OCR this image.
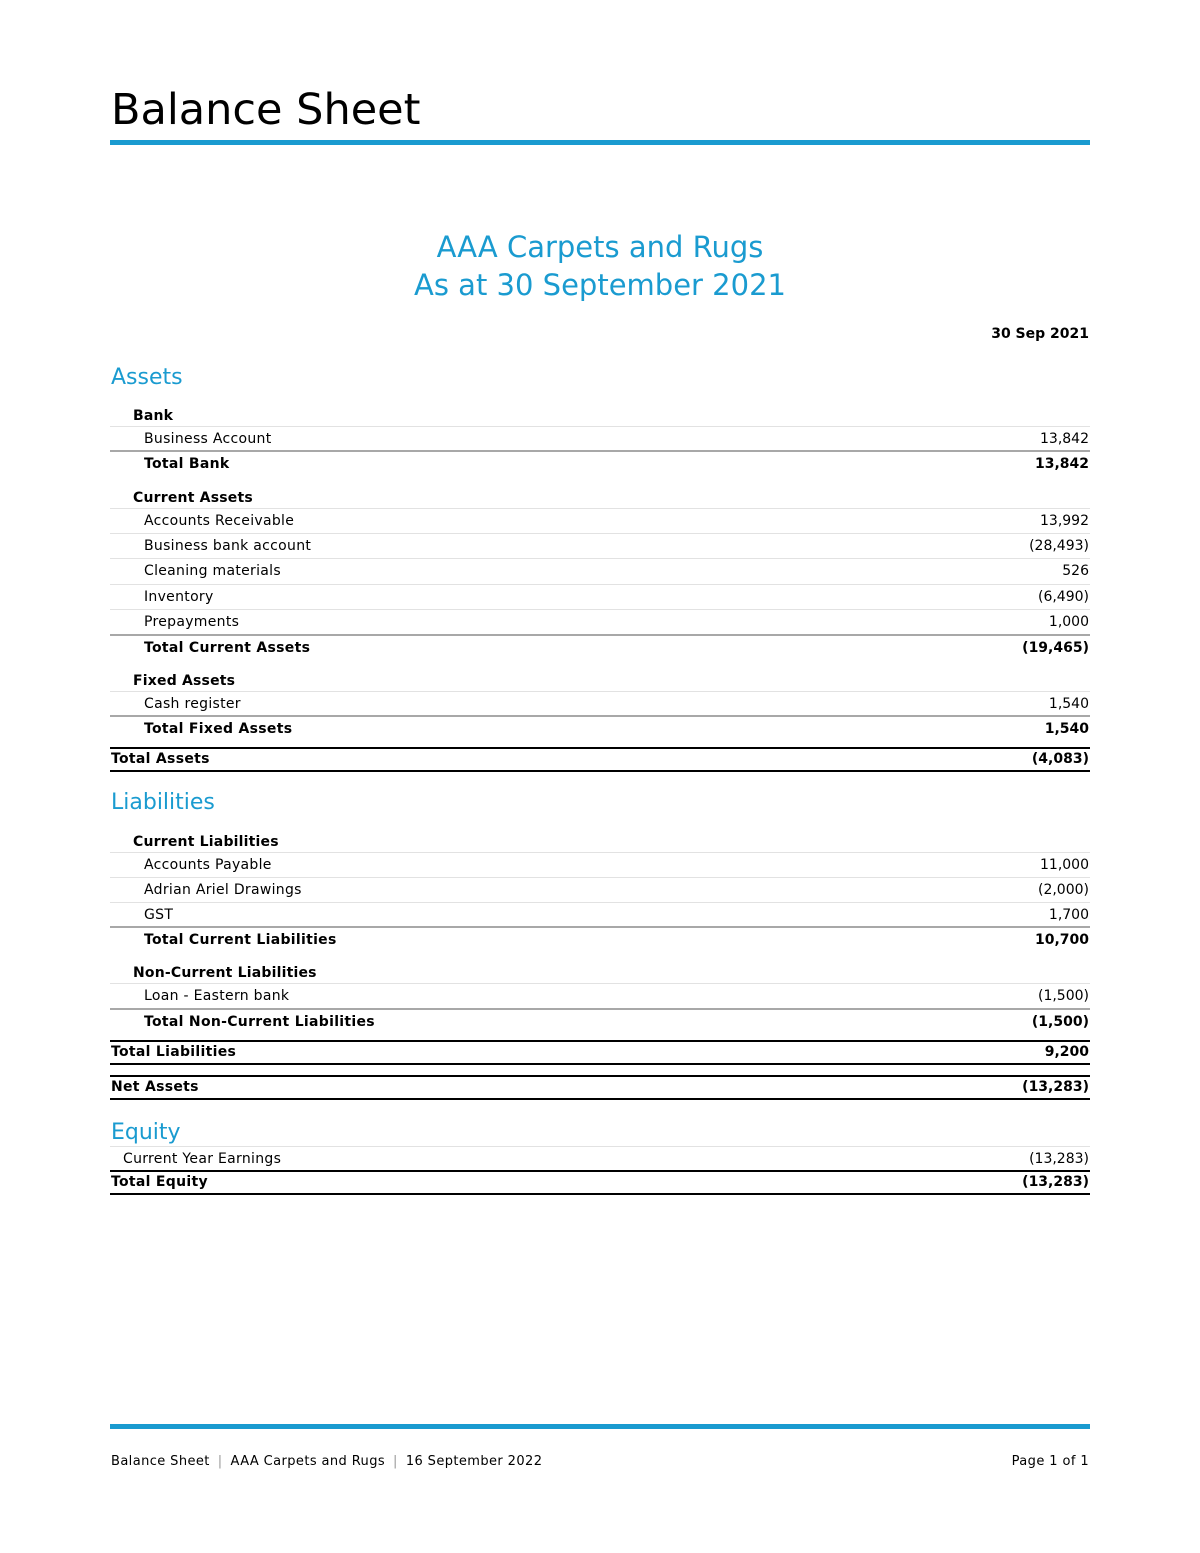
Balance Sheet
AAA Carpets and Rugs
As at 30 September 2021
30 Sep 2021
Assets
Bank
Business Account	13,842
Total Bank	13,842
Current Assets
Accounts Receivable	13,992
Business bank account	(28,493)
Cleaning materials	526
Inventory	(6,490)
Prepayments	1,000
Total Current Assets	(19,465)
Fixed Assets
Cash register	1,540
Total Fixed Assets	1,540
Total Assets	(4,083)
Liabilities
Current Liabilities
Accounts Payable	11,000
Adrian Ariel Drawings	(2,000)
GST	1,700
Total Current Liabilities	10,700
Non-Current Liabilities
Loan - Eastern bank	(1,500)
Total Non-Current Liabilities	(1,500)
Total Liabilities	9,200
Net Assets	(13,283)
Equity
Current Year Earnings	(13,283)
Total Equity	(13,283)
Balance Sheet | AAA Carpets and Rugs | 16 September 2022	Page 1 of 1
